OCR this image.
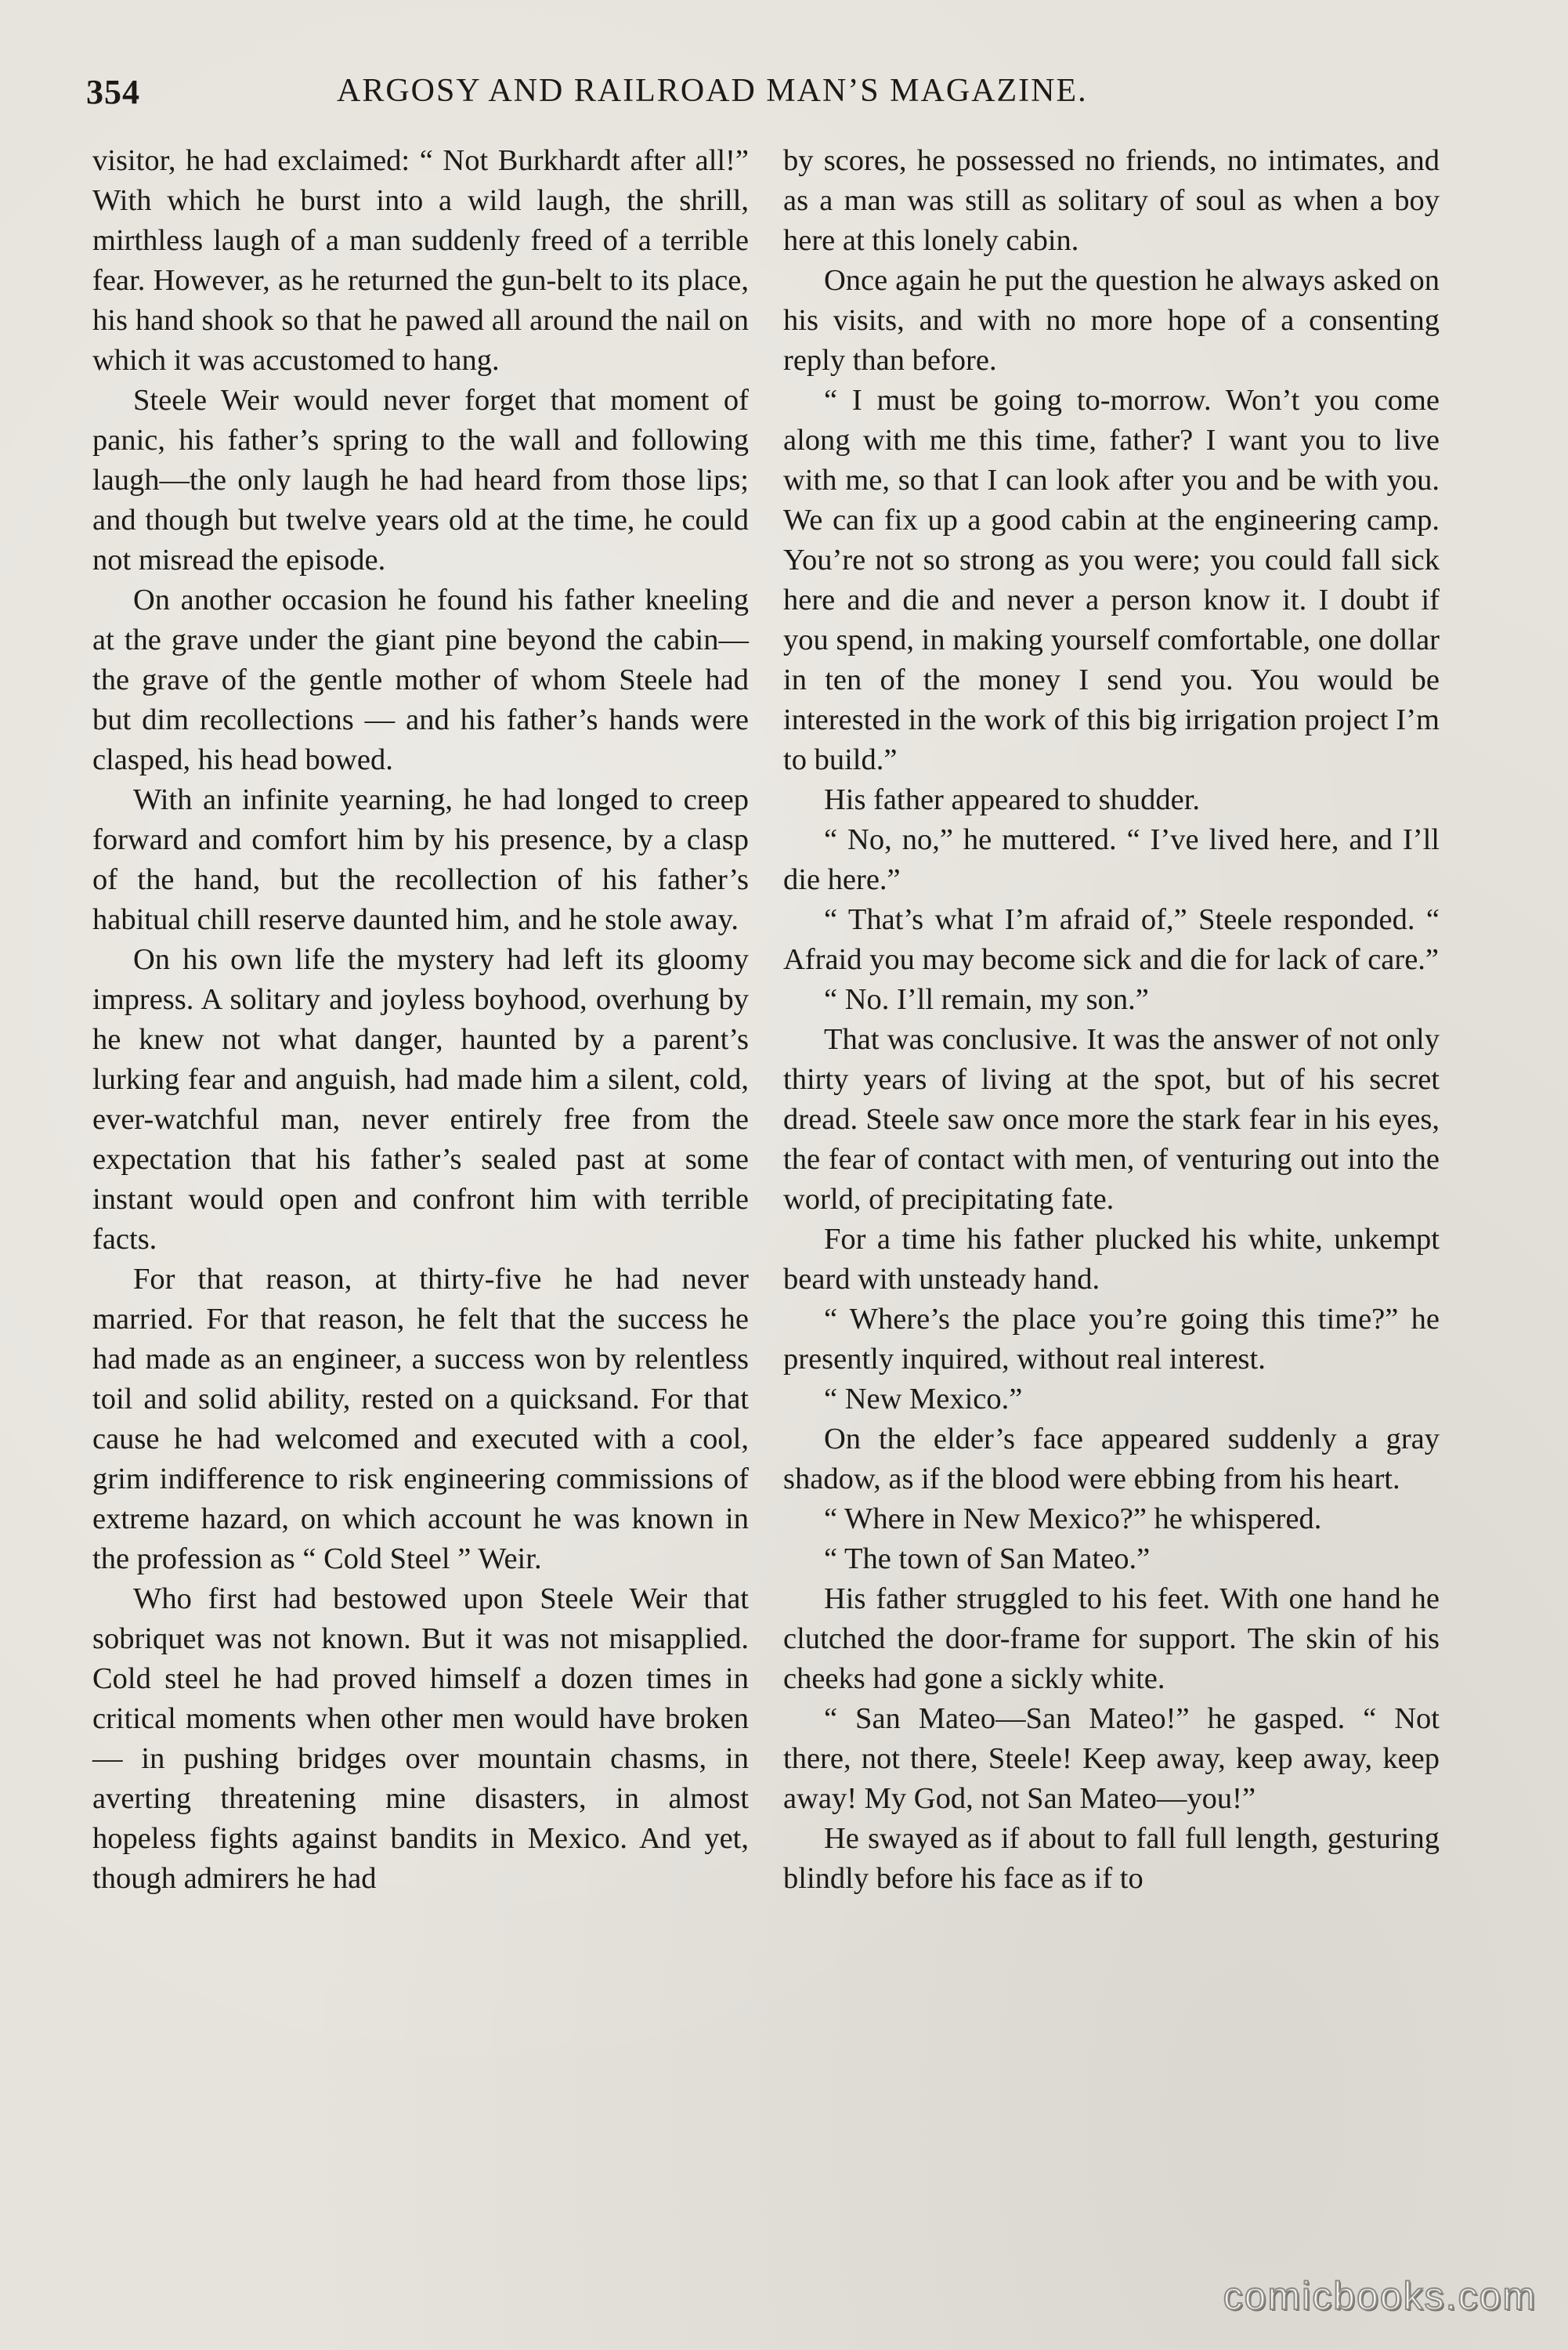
354	ARGOSY AND RAILROAD MAN’S MAGAZINE.

visitor, he had exclaimed: “ Not Burkhardt after all!” With which he burst into a wild laugh, the shrill, mirthless laugh of a man suddenly freed of a terrible fear. However, as he returned the gun-belt to its place, his hand shook so that he pawed all around the nail on which it was accustomed to hang.

Steele Weir would never forget that moment of panic, his father’s spring to the wall and following laugh—the only laugh he had heard from those lips; and though but twelve years old at the time, he could not misread the episode.

On another occasion he found his father kneeling at the grave under the giant pine beyond the cabin—the grave of the gentle mother of whom Steele had but dim recollections — and his father’s hands were clasped, his head bowed.

With an infinite yearning, he had longed to creep forward and comfort him by his presence, by a clasp of the hand, but the recollection of his father’s habitual chill reserve daunted him, and he stole away.

On his own life the mystery had left its gloomy impress. A solitary and joyless boyhood, overhung by he knew not what danger, haunted by a parent’s lurking fear and anguish, had made him a silent, cold, ever-watchful man, never entirely free from the expectation that his father’s sealed past at some instant would open and confront him with terrible facts.

For that reason, at thirty-five he had never married. For that reason, he felt that the success he had made as an engineer, a success won by relentless toil and solid ability, rested on a quicksand. For that cause he had welcomed and executed with a cool, grim indifference to risk engineering commissions of extreme hazard, on which account he was known in the profession as “ Cold Steel ” Weir.

Who first had bestowed upon Steele Weir that sobriquet was not known. But it was not misapplied. Cold steel he had proved himself a dozen times in critical moments when other men would have broken — in pushing bridges over mountain chasms, in averting threatening mine disasters, in almost hopeless fights against bandits in Mexico. And yet, though admirers he had

by scores, he possessed no friends, no intimates, and as a man was still as solitary of soul as when a boy here at this lonely cabin.

Once again he put the question he always asked on his visits, and with no more hope of a consenting reply than before.

“ I must be going to-morrow. Won’t you come along with me this time, father? I want you to live with me, so that I can look after you and be with you. We can fix up a good cabin at the engineering camp. You’re not so strong as you were; you could fall sick here and die and never a person know it. I doubt if you spend, in making yourself comfortable, one dollar in ten of the money I send you. You would be interested in the work of this big irrigation project I’m to build.”

His father appeared to shudder.

“ No, no,” he muttered. “ I’ve lived here, and I’ll die here.”

“ That’s what I’m afraid of,” Steele responded. “ Afraid you may become sick and die for lack of care.”

“ No. I’ll remain, my son.”

That was conclusive. It was the answer of not only thirty years of living at the spot, but of his secret dread. Steele saw once more the stark fear in his eyes, the fear of contact with men, of venturing out into the world, of precipitating fate.

For a time his father plucked his white, unkempt beard with unsteady hand.

“ Where’s the place you’re going this time?” he presently inquired, without real interest.

“ New Mexico.”

On the elder’s face appeared suddenly a gray shadow, as if the blood were ebbing from his heart.

“ Where in New Mexico?” he whispered.

“ The town of San Mateo.”

His father struggled to his feet. With one hand he clutched the door-frame for support. The skin of his cheeks had gone a sickly white.

“ San Mateo—San Mateo!” he gasped. “ Not there, not there, Steele! Keep away, keep away, keep away! My God, not San Mateo—you!”

He swayed as if about to fall full length, gesturing blindly before his face as if to

comicbooks.com
